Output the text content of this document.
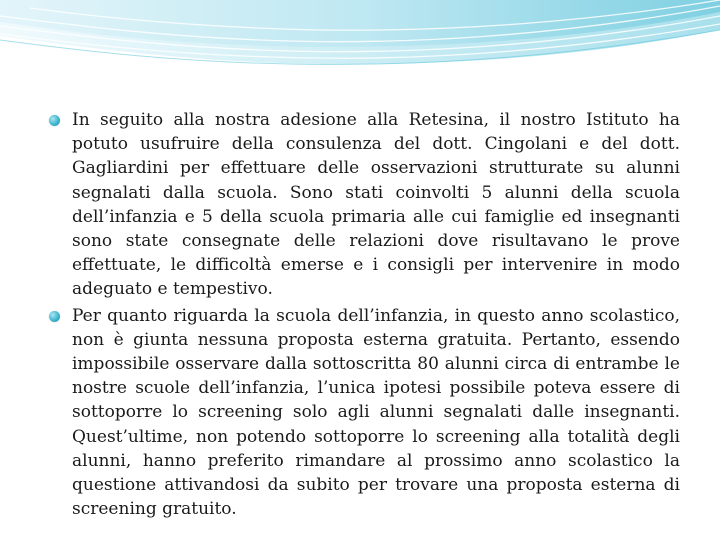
In seguito alla nostra adesione alla Retesina, il nostro Istituto ha potuto usufruire della consulenza del dott. Cingolani e del dott. Gagliardini per effettuare delle osservazioni strutturate su alunni segnalati dalla scuola. Sono stati coinvolti 5 alunni della scuola dell’infanzia e 5 della scuola primaria alle cui famiglie ed insegnanti sono state consegnate delle relazioni dove risultavano le prove effettuate, le difficoltà emerse e i consigli per intervenire in modo adeguato e tempestivo.

Per quanto riguarda la scuola dell’infanzia, in questo anno scolastico, non è giunta nessuna proposta esterna gratuita. Pertanto, essendo impossibile osservare dalla sottoscritta 80 alunni circa di entrambe le nostre scuole dell’infanzia, l’unica ipotesi possibile poteva essere di sottoporre lo screening solo agli alunni segnalati dalle insegnanti. Quest’ultime, non potendo sottoporre lo screening alla totalità degli alunni, hanno preferito rimandare al prossimo anno scolastico la questione attivandosi da subito per trovare una proposta esterna di screening gratuito.
